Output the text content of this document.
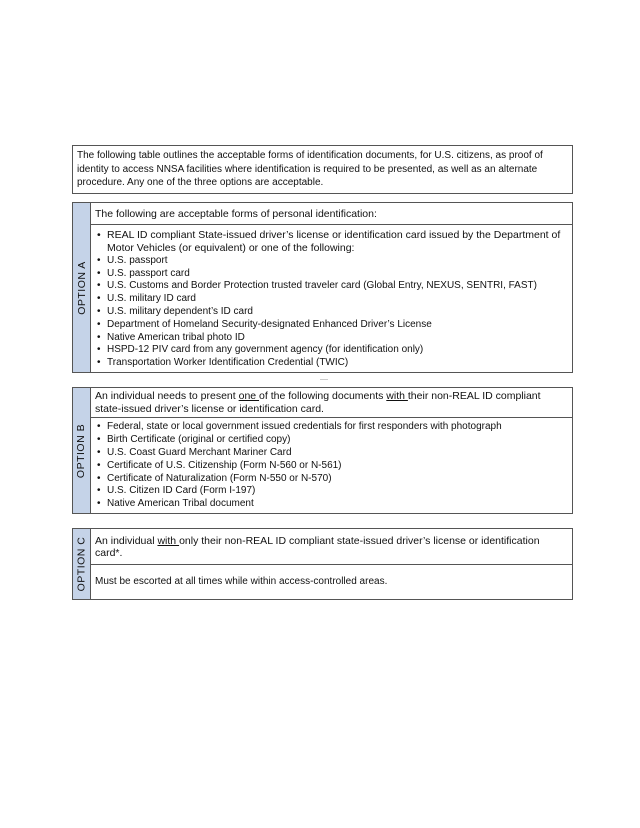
The following table outlines the acceptable forms of identification documents, for U.S. citizens, as proof of identity to access NNSA facilities where identification is required to be presented, as well as an alternate procedure. Any one of the three options are acceptable.
OPTION A
The following are acceptable forms of personal identification:
• REAL ID compliant State-issued driver’s license or identification card issued by the Department of Motor Vehicles (or equivalent) or one of the following:
• U.S. passport
• U.S. passport card
• U.S. Customs and Border Protection trusted traveler card (Global Entry, NEXUS, SENTRI, FAST)
• U.S. military ID card
• U.S. military dependent’s ID card
• Department of Homeland Security-designated Enhanced Driver’s License
• Native American tribal photo ID
• HSPD-12 PIV card from any government agency (for identification only)
• Transportation Worker Identification Credential (TWIC)
OPTION B
An individual needs to present one of the following documents with their non-REAL ID compliant state-issued driver’s license or identification card.
• Federal, state or local government issued credentials for first responders with photograph
• Birth Certificate (original or certified copy)
• U.S. Coast Guard Merchant Mariner Card
• Certificate of U.S. Citizenship (Form N-560 or N-561)
• Certificate of Naturalization (Form N-550 or N-570)
• U.S. Citizen ID Card (Form I-197)
• Native American Tribal document
OPTION C An individual with only their non-REAL ID compliant state-issued driver’s license or identification card*.
Must be escorted at all times while within access-controlled areas.
